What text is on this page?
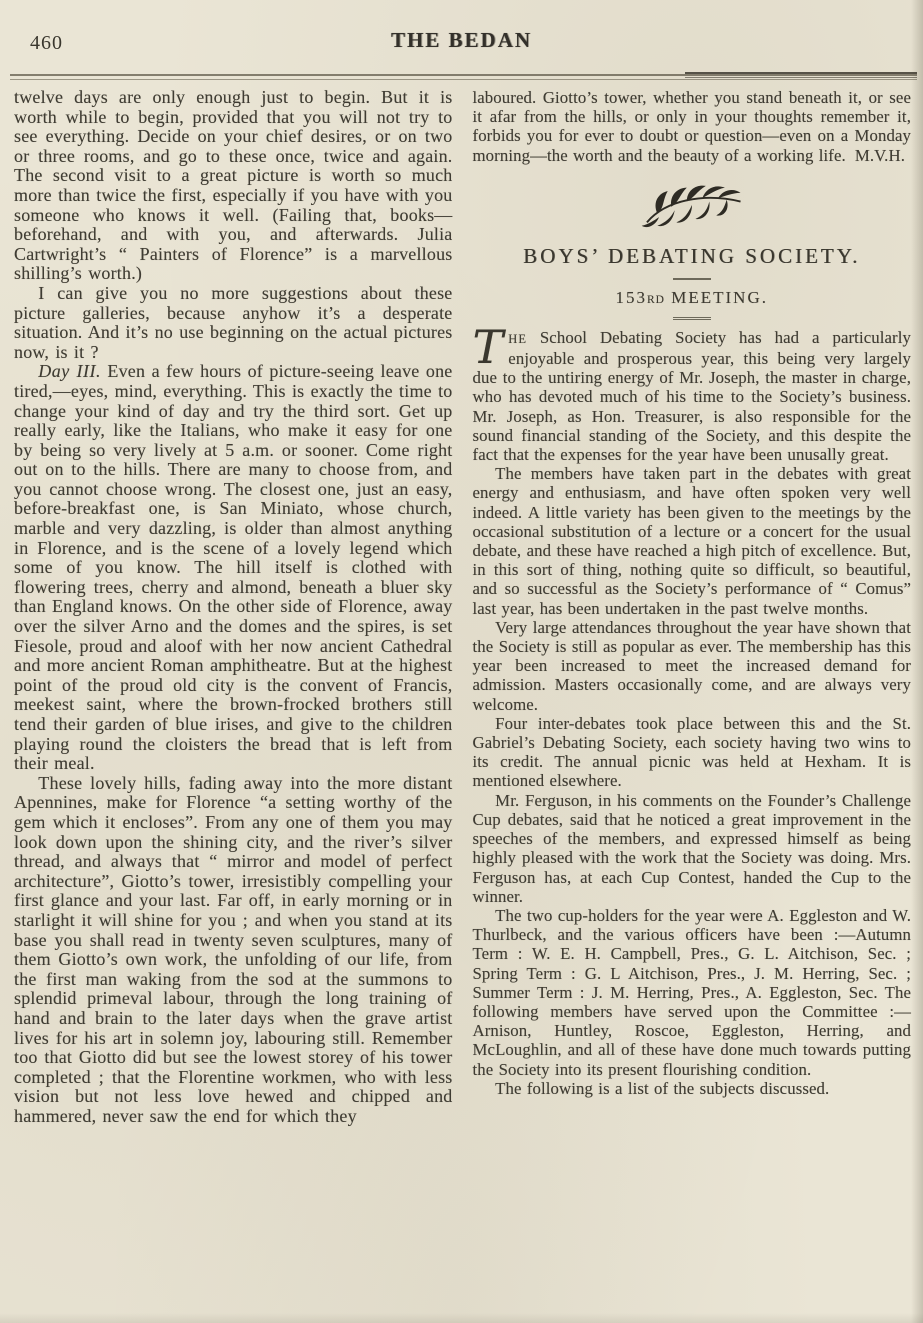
460	THE BEDAN

twelve days are only enough just to begin. But it is worth while to begin, provided that you will not try to see everything. Decide on your chief desires, or on two or three rooms, and go to these once, twice and again. The second visit to a great picture is worth so much more than twice the first, especially if you have with you someone who knows it well. (Failing that, books—beforehand, and with you, and afterwards. Julia Cartwright’s “ Painters of Florence” is a marvellous shilling’s worth.)

I can give you no more suggestions about these picture galleries, because anyhow it’s a desperate situation. And it’s no use beginning on the actual pictures now, is it ?

Day III. Even a few hours of picture-seeing leave one tired,—eyes, mind, everything. This is exactly the time to change your kind of day and try the third sort. Get up really early, like the Italians, who make it easy for one by being so very lively at 5 a.m. or sooner. Come right out on to the hills. There are many to choose from, and you cannot choose wrong. The closest one, just an easy, before-breakfast one, is San Miniato, whose church, marble and very dazzling, is older than almost anything in Florence, and is the scene of a lovely legend which some of you know. The hill itself is clothed with flowering trees, cherry and almond, beneath a bluer sky than England knows. On the other side of Florence, away over the silver Arno and the domes and the spires, is set Fiesole, proud and aloof with her now ancient Cathedral and more ancient Roman amphitheatre. But at the highest point of the proud old city is the convent of Francis, meekest saint, where the brown-frocked brothers still tend their garden of blue irises, and give to the children playing round the cloisters the bread that is left from their meal.

These lovely hills, fading away into the more distant Apennines, make for Florence “a setting worthy of the gem which it encloses”. From any one of them you may look down upon the shining city, and the river’s silver thread, and always that “ mirror and model of perfect architecture”, Giotto’s tower, irresistibly compelling your first glance and your last. Far off, in early morning or in starlight it will shine for you ; and when you stand at its base you shall read in twenty seven sculptures, many of them Giotto’s own work, the unfolding of our life, from the first man waking from the sod at the summons to splendid primeval labour, through the long training of hand and brain to the later days when the grave artist lives for his art in solemn joy, labouring still. Remember too that Giotto did but see the lowest storey of his tower completed ; that the Florentine workmen, who with less vision but not less love hewed and chipped and hammered, never saw the end for which they

laboured. Giotto’s tower, whether you stand beneath it, or see it afar from the hills, or only in your thoughts remember it, forbids you for ever to doubt or question—even on a Monday morning—the worth and the beauty of a working life. M.V.H.

BOYS’ DEBATING SOCIETY.
153RD MEETING.

THE School Debating Society has had a particularly enjoyable and prosperous year, this being very largely due to the untiring energy of Mr. Joseph, the master in charge, who has devoted much of his time to the Society’s business. Mr. Joseph, as Hon. Treasurer, is also responsible for the sound financial standing of the Society, and this despite the fact that the expenses for the year have been unusally great.

The members have taken part in the debates with great energy and enthusiasm, and have often spoken very well indeed. A little variety has been given to the meetings by the occasional substitution of a lecture or a concert for the usual debate, and these have reached a high pitch of excellence. But, in this sort of thing, nothing quite so difficult, so beautiful, and so successful as the Society’s performance of “ Comus” last year, has been undertaken in the past twelve months.

Very large attendances throughout the year have shown that the Society is still as popular as ever. The membership has this year been increased to meet the increased demand for admission. Masters occasionally come, and are always very welcome.

Four inter-debates took place between this and the St. Gabriel’s Debating Society, each society having two wins to its credit. The annual picnic was held at Hexham. It is mentioned elsewhere.

Mr. Ferguson, in his comments on the Founder’s Challenge Cup debates, said that he noticed a great improvement in the speeches of the members, and expressed himself as being highly pleased with the work that the Society was doing. Mrs. Ferguson has, at each Cup Contest, handed the Cup to the winner.

The two cup-holders for the year were A. Eggleston and W. Thurlbeck, and the various officers have been :—Autumn Term : W. E. H. Campbell, Pres., G. L. Aitchison, Sec. ; Spring Term : G. L Aitchison, Pres., J. M. Herring, Sec. ; Summer Term : J. M. Herring, Pres., A. Eggleston, Sec. The following members have served upon the Committee :— Arnison, Huntley, Roscoe, Eggleston, Herring, and McLoughlin, and all of these have done much towards putting the Society into its present flourishing condition.

The following is a list of the subjects discussed.
